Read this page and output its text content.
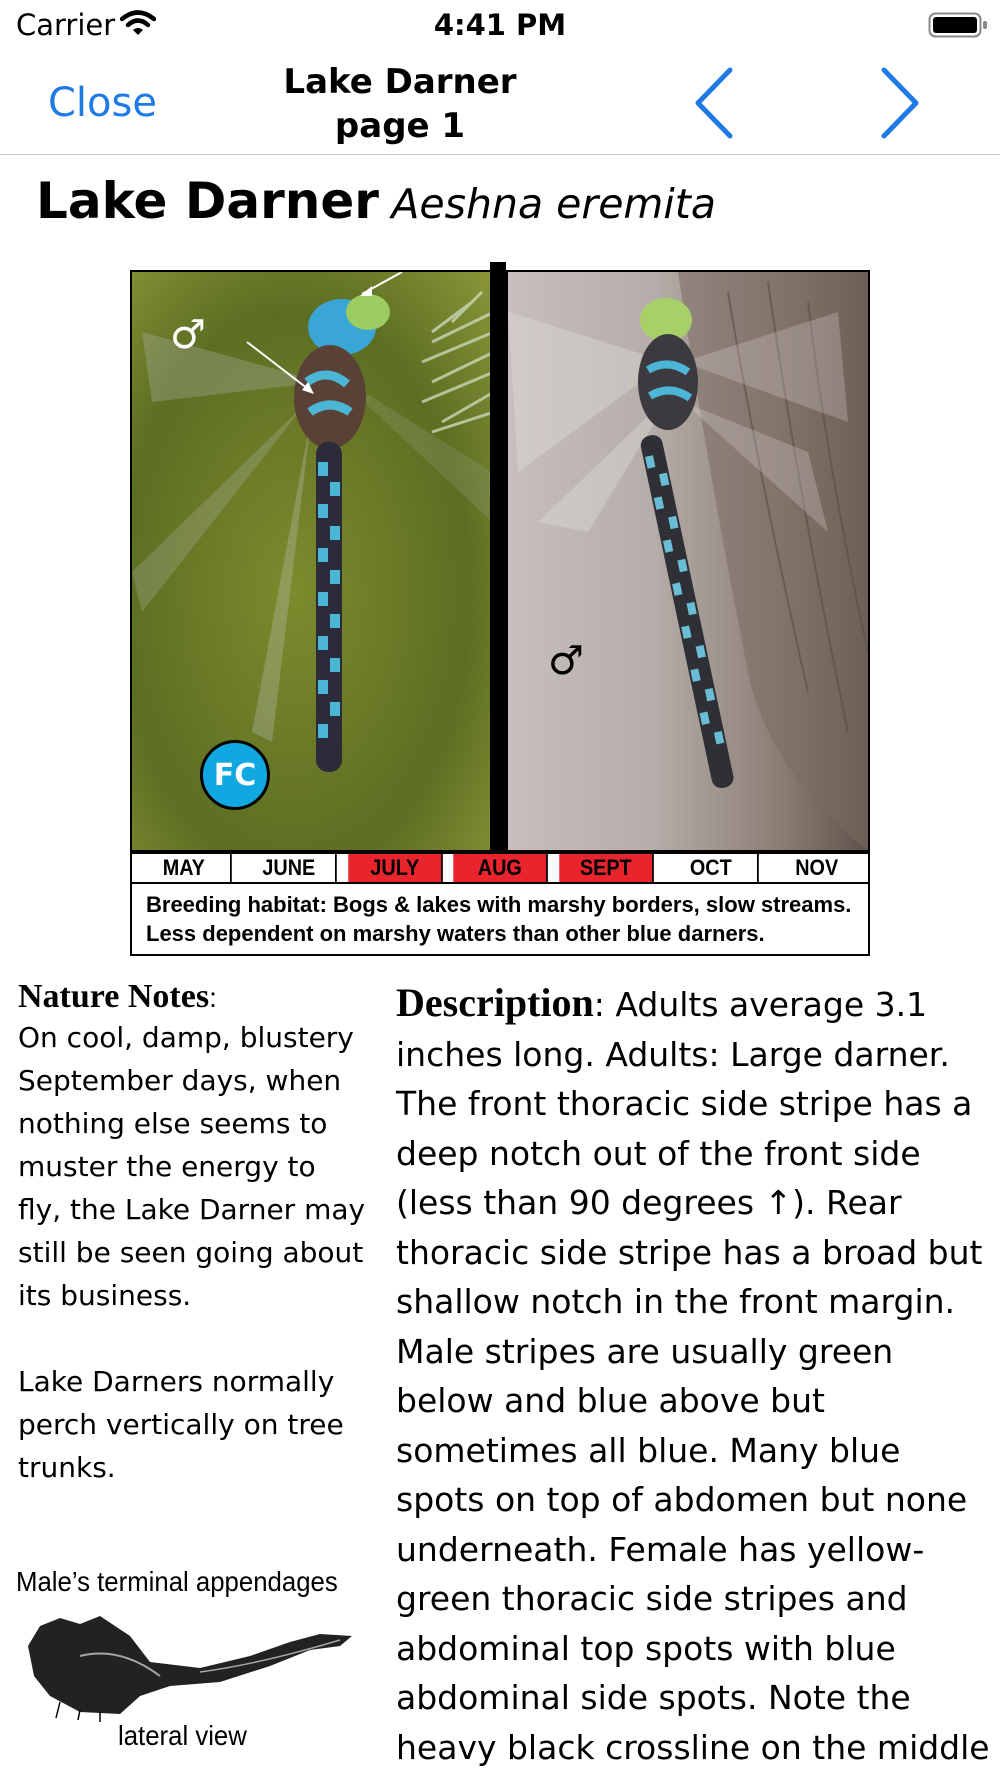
Carrier	4:41 PM
Close	Lake Darner
page 1
Lake Darner Aeshna eremita
♂
FC
♂
MAY	JUNE	JULY	AUG	SEPT	OCT	NOV
Breeding habitat: Bogs & lakes with marshy borders, slow streams. Less dependent on marshy waters than other blue darners.
Nature Notes:
On cool, damp, blustery September days, when nothing else seems to muster the energy to fly, the Lake Darner may still be seen going about its business.
Lake Darners normally perch vertically on tree trunks.
Male’s terminal appendages
lateral view
Description: Adults average 3.1 inches long. Adults: Large darner. The front thoracic side stripe has a deep notch out of the front side (less than 90 degrees ↑). Rear thoracic side stripe has a broad but shallow notch in the front margin. Male stripes are usually green below and blue above but sometimes all blue. Many blue spots on top of abdomen but none underneath. Female has yellow-green thoracic side stripes and abdominal top spots with blue abdominal side spots. Note the heavy black crossline on the middle
